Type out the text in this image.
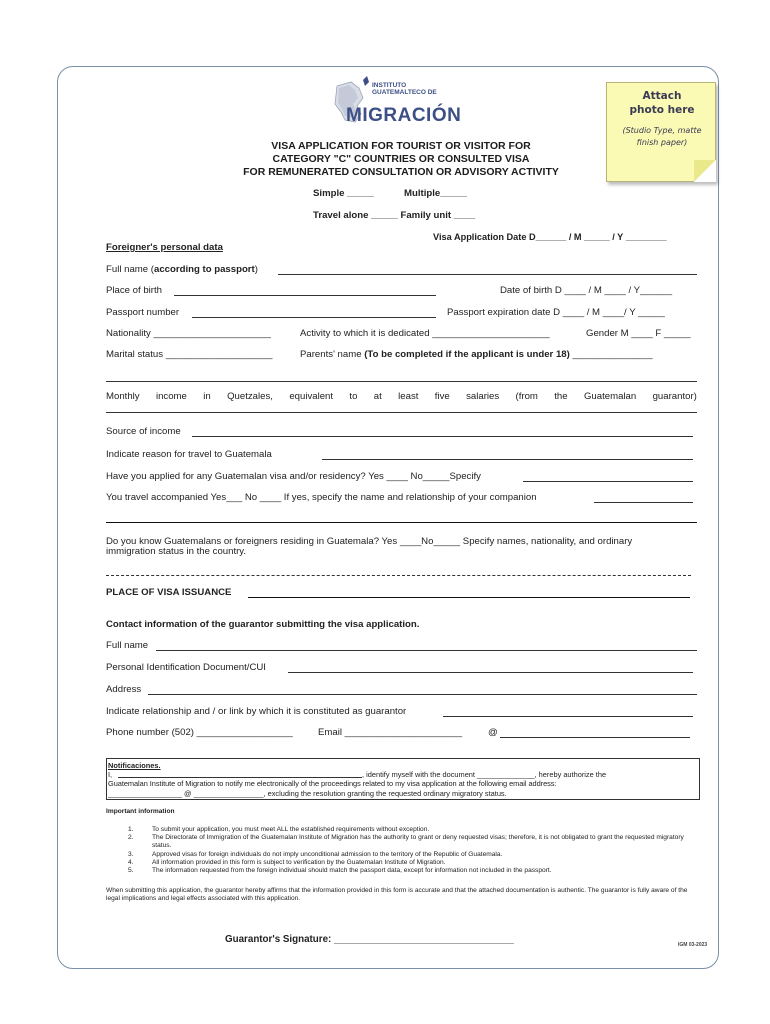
INSTITUTO
GUATEMALTECO DE
MIGRACIÓN
Attach photo here
(Studio Type, matte finish paper)
VISA APPLICATION FOR TOURIST OR VISITOR FOR
CATEGORY "C" COUNTRIES OR CONSULTED VISA
FOR REMUNERATED CONSULTATION OR ADVISORY ACTIVITY
Simple _____	Multiple_____
Travel alone _____ Family unit ____
Visa Application Date D______ / M _____ / Y ________
Foreigner's personal data
Full name (according to passport)
Place of birth	Date of birth D ____ / M ____ / Y______
Passport number	Passport expiration date D ____ / M ____/ Y _____
Nationality ______________________	Activity to which it is dedicated ______________________	Gender M ____ F _____
Marital status ____________________	Parents' name (To be completed if the applicant is under 18) _______________
Monthly income in Quetzales, equivalent to at least five salaries (from the Guatemalan guarantor)
Source of income
Indicate reason for travel to Guatemala
Have you applied for any Guatemalan visa and/or residency? Yes ____ No_____Specify
You travel accompanied Yes___ No ____ If yes, specify the name and relationship of your companion
Do you know Guatemalans or foreigners residing in Guatemala? Yes ____No_____ Specify names, nationality, and ordinary
immigration status in the country.
PLACE OF VISA ISSUANCE
Contact information of the guarantor submitting the visa application.
Full name
Personal Identification Document/CUI
Address
Indicate relationship and / or link by which it is constituted as guarantor
Phone number (502) __________________	Email ______________________	@
Notificaciones.
I,	, identify myself with the document ______________, hereby authorize the
Guatemalan Institute of Migration to notify me electronically of the proceedings related to my visa application at the following email address:
__________________ @ _________________, excluding the resolution granting the requested ordinary migratory status.
Important information
1.	To submit your application, you must meet ALL the established requirements without exception.
2.	The Directorate of Immigration of the Guatemalan Institute of Migration has the authority to grant or deny requested visas; therefore, it is not obligated to grant the requested migratory status.
3.	Approved visas for foreign individuals do not imply unconditional admission to the territory of the Republic of Guatemala.
4.	All information provided in this form is subject to verification by the Guatemalan Institute of Migration.
5.	The information requested from the foreign individual should match the passport data, except for information not included in the passport.
When submitting this application, the guarantor hereby affirms that the information provided in this form is accurate and that the attached documentation is authentic. The guarantor is fully aware of the legal implications and legal effects associated with this application.
Guarantor's Signature: _________________________________	IGM 03-2023
